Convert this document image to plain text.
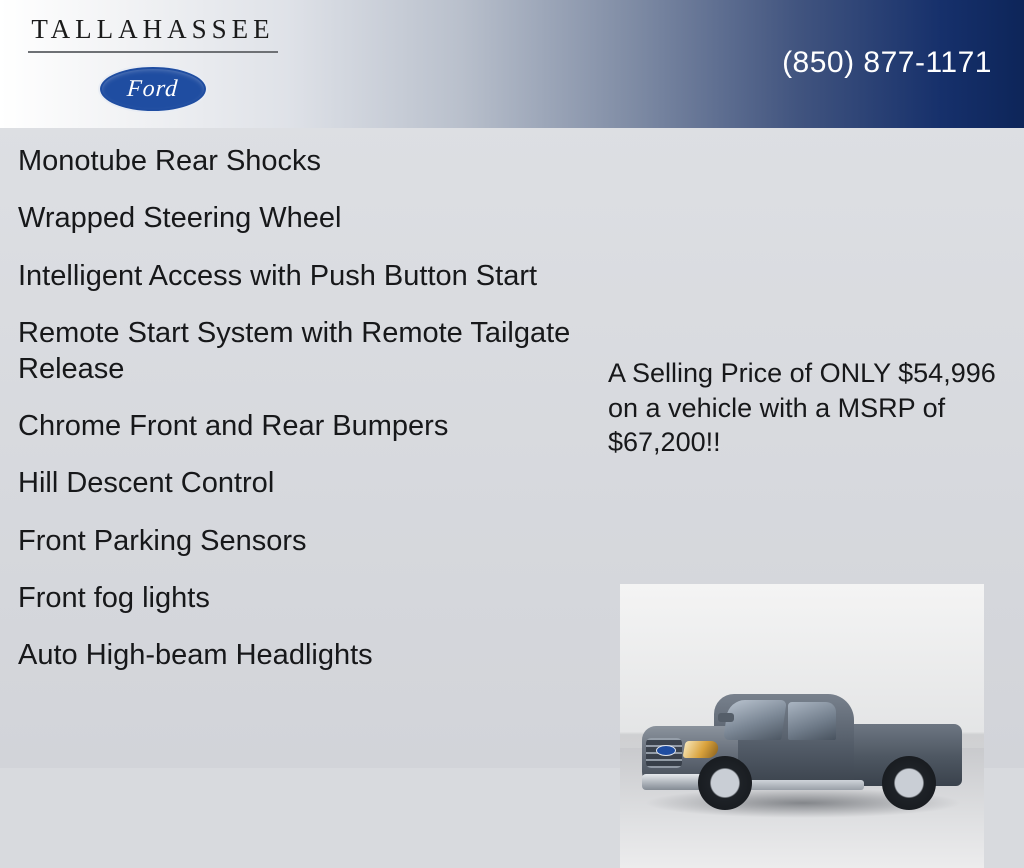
TALLAHASSEE
Ford
(850) 877-1171

Monotube Rear Shocks

Wrapped Steering Wheel

Intelligent Access with Push Button Start

Remote Start System with Remote Tailgate Release

Chrome Front and Rear Bumpers

Hill Descent Control

Front Parking Sensors

Front fog lights

Auto High-beam Headlights

A Selling Price of ONLY $54,996 on a vehicle with a MSRP of $67,200!!
